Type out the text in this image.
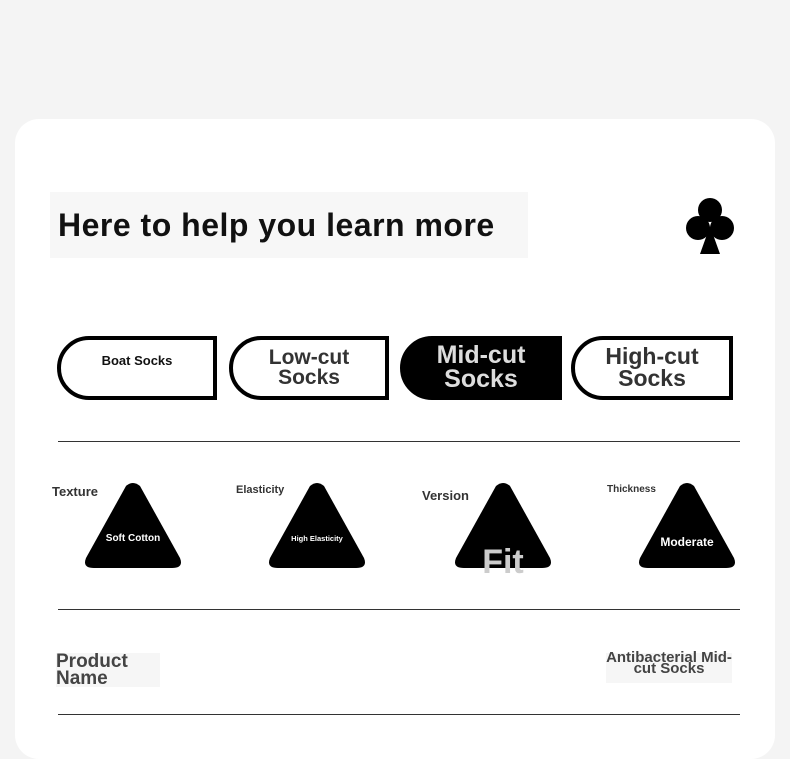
Here to help you learn more
Boat Socks	Low-cut Socks
Mid-cut Socks
High-cut Socks
Texture
Soft Cotton
Elasticity
High Elasticity
Version
Fit
Thickness
Moderate
Product Name
Antibacterial Mid-cut Socks
